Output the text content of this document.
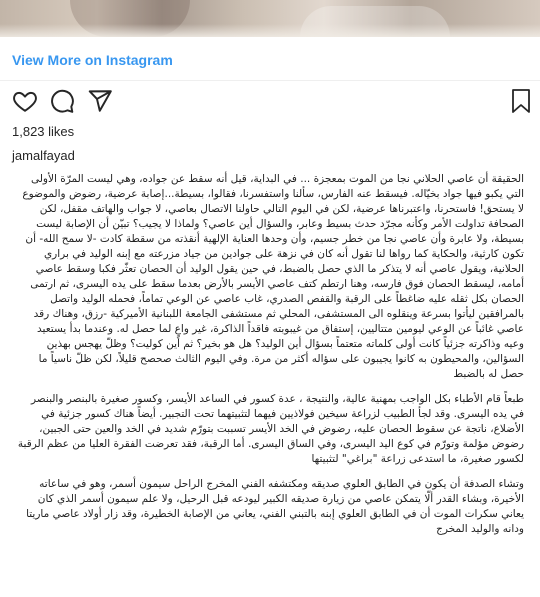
View More on Instagram
1,823 likes
jamalfayad

الحقيقة أن عاصي الحلاني نجا من الموت بمعجزة ... في البداية، قيل أنه سقط عن جواده، وهي ليست المرّة الأولى التي يكبو فيها جواد بخيّاله. فيسقط عنه الفارس، سألنا واستفسرنا، فقالوا، بسيطة...إصابة عرضية، رضوض والموضوع لا يستحق! فاستحرنا، واعتبرناها عرضية، لكن في اليوم التالي حاولنا الاتصال بعاصي، لا جواب والهاتف مقفل، لكن الصحافة تداولت الأمر وكأنه مجرّد حدث بسيط وعابر، والسؤال أين عاصي؟ ولماذا لا يجيب؟ تبيّن أن الإصابة ليست بسيطة، ولا عابرة وأن عاصي نجا من خطر جسيم، وأن وحدها العناية الإلهية أنقذته من سقطة كادت -لا سمح الله- أن تكون كارثية، والحكاية كما رواها لنا تقول أنه كان في نزهة على جوادين من جياد مزرعته مع إبنه الوليد في براري الحلانية، ويقول عاصي أنه لا يتذكر ما الذي حصل بالضبط، في حين يقول الوليد أن الحصان تعثّر فكبا وسقط عاصي أمامه، ليسقط الحصان فوق فارسه، وهنا ارتطم كتف عاصي الأيسر بالأرض بعدما سقط على يده اليسرى، ثم ارتمى الحصان بكل ثقله عليه ضاغطاً على الرقبة والقفص الصدري، غاب عاصي عن الوعي تماماً، فحمله الوليد واتصل بالمرافقين ليأتوا بسرعة وينقلوه الى المستشفى، المحلي ثم مستشفى الجامعة اللبنانية الأميركية -رزق، وهناك رقد عاصي غائباً عن الوعي ليومين متتاليين، إستفاق من غيبوبته فاقداً الذاكرة، غير واعٍ لما حصل له. وعندما بدأ يستعيد وعيه وذاكرته جزئياً كانت أولى كلماته متعتماً بسؤال أين الوليد؟ هل هو بخير؟ ثم أين كوليت؟ وظلّ يهجس بهذين السؤالين، والمحيطون به كانوا يجيبون على سؤاله أكثر من مرة. وفي اليوم الثالث صحصح قليلاً، لكن ظلّ ناسياً ما حصل له بالضبط

طبعاً قام الأطباء بكل الواجب بمهنية عالية، والنتيجة ، عدة كسور في الساعد الأيسر، وكسور صغيرة بالبنصر والبنصر في يده اليسرى. وقد لجأ الطبيب لزراعة سيخين فولاذيين فيهما لتثبيتهما تحت التجبير. أيضاً هناك كسور جزئية في الأضلاع، ناتجة عن سقوط الحصان عليه، رضوض في الخد الأيسر تسببت بتورّم شديد في الخد والعين حتى الجبين، رضوض مؤلمة وتورّم في كوع اليد اليسرى، وفي الساق اليسرى. أما الرقبة، فقد تعرضت الفقرة العليا من عظم الرقبة لكسور صغيرة، ما استدعى زراعة "براغي" لتثبيتها

وتشاء الصدفة أن يكون في الطابق العلوي صديقه ومكتشفه الفني المخرج الراحل سيمون أسمر، وهو في ساعاته الأخيرة، وبشاء القدر ألّا يتمكن عاصي من زيارة صديقه الكبير ليودعه قبل الرحيل، ولا علم سيمون أسمر الذي كان يعاني سكرات الموت أن في الطابق العلوي إبنه بالتبني الفني، يعاني من الإصابة الخطيرة، وقد زار أولاد عاصي ماريتا ودانه والوليد المخرج
